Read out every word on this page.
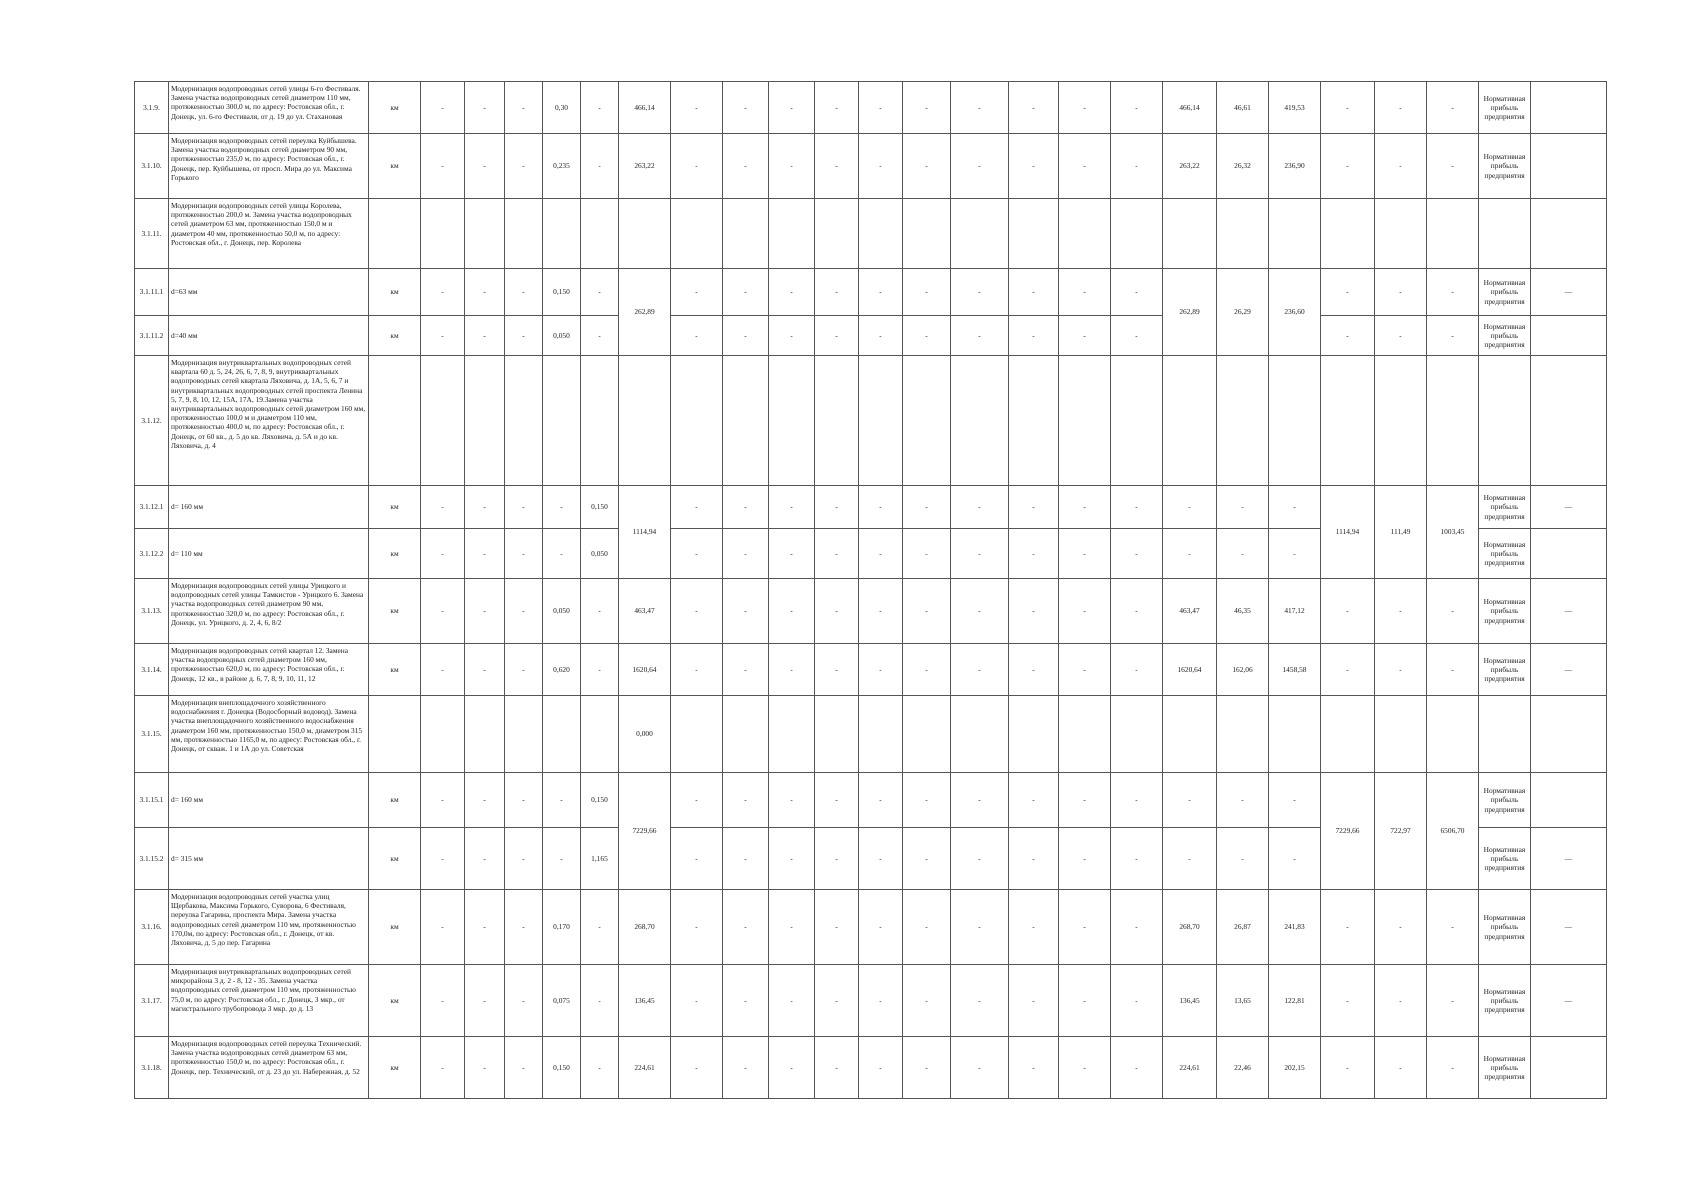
3.1.9.	Модернизация водопроводных сетей улицы 6-го Фестиваля. Замена участка водопроводных сетей диаметром 110 мм, протяженностью 300,0 м, по адресу: Ростовская обл., г. Донецк, ул. 6-го Фестиваля, от д. 19 до ул. Стахановая	км	-	-	-	0,30	-	466,14	-	-	-	-	-	-	-	-	-	-	466,14	46,61	419,53	-	-	-	Нормативная прибыль предприятия	
3.1.10.	Модернизация водопроводных сетей переулка Куйбышева. Замена участка водопроводных сетей диаметром 90 мм, протяженностью 235,0 м, по адресу: Ростовская обл., г. Донецк, пер. Куйбышева, от просп. Мира до ул. Максима Горького	км	-	-	-	0,235	-	263,22	-	-	-	-	-	-	-	-	-	-	263,22	26,32	236,90	-	-	-	Нормативная прибыль предприятия	
3.1.11.	Модернизация водопроводных сетей улицы Королева, протяженностью 200,0 м. Замена участка водопроводных сетей диаметром 63 мм, протяженностью 150,0 м и диаметром 40 мм, протяженностью 50,0 м, по адресу: Ростовская обл., г. Донецк, пер. Королева																									
3.1.11.1	d=63 мм	км	-	-	-	0,150	-	262,89	-	-	-	-	-	-	-	-	-	-	262,89	26,29	236,60	-	-	-	Нормативная прибыль предприятия	—
3.1.11.2	d=40 мм	км	-	-	-	0,050	-		-	-	-	-	-	-	-	-	-	-				-	-	-	Нормативная прибыль предприятия	
3.1.12.	Модернизация внутриквартальных водопроводных сетей квартала 60 д. 5, 24, 26, 6, 7, 8, 9, внутриквартальных водопроводных сетей квартала Ляховича, д. 1А, 5, 6, 7 и внутриквартальных водопроводных сетей проспекта Ленина 5, 7, 9, 8, 10, 12, 15А, 17А, 19.Замена участка внутриквартальных водопроводных сетей диаметром 160 мм, протяженностью 100,0 м и диаметром 110 мм, протяженностью 400,0 м, по адресу: Ростовская обл., г. Донецк, от 60 кв., д. 5 до кв. Ляховича, д. 5А и до кв. Ляховича, д. 4																									
3.1.12.1	d= 160 мм	км	-	-	-	-	0,150	1114,94	-	-	-	-	-	-	-	-	-	-	-	-	-	1114,94	111,49	1003,45	Нормативная прибыль предприятия	—
3.1.12.2	d= 110 мм	км	-	-	-	-	0,050		-	-	-	-	-	-	-	-	-	-	-	-	-				Нормативная прибыль предприятия	
3.1.13.	Модернизация водопроводных сетей улицы Урицкого и водопроводных сетей улицы Тамкистов - Урицкого 6. Замена участка водопроводных сетей диаметром 90 мм, протяженностью 320,0 м, по адресу: Ростовская обл., г. Донецк, ул. Урицкого, д. 2, 4, 6, 8/2	км	-	-	-	0,050	-	463,47	-	-	-	-	-	-	-	-	-	-	463,47	46,35	417,12	-	-	-	Нормативная прибыль предприятия	—
3.1.14.	Модернизация водопроводных сетей квартал 12. Замена участка водопроводных сетей диаметром 160 мм, протяженностью 620,0 м, по адресу: Ростовская обл., г. Донецк, 12 кв., в районе д. 6, 7, 8, 9, 10, 11, 12	км	-	-	-	0,620	-	1620,64	-	-	-	-	-	-	-	-	-	-	1620,64	162,06	1458,58	-	-	-	Нормативная прибыль предприятия	—
3.1.15.	Модернизация внеплощадочного хозяйственного водоснабжения г. Донецка (Водосборный водовод). Замена участка внеплощадочного хозяйственного водоснабжения диаметром 160 мм, протяженностью 150,0 м, диаметром 315 мм, протяженностью 1165,0 м, по адресу: Ростовская обл., г. Донецк, от скваж. 1 и 1А до ул. Советская							0,000																		
3.1.15.1	d= 160 мм	км	-	-	-	-	0,150	7229,66	-	-	-	-	-	-	-	-	-	-	-	-	-	7229,66	722,97	6506,70	Нормативная прибыль предприятия	
3.1.15.2	d= 315 мм	км	-	-	-	-	1,165		-	-	-	-	-	-	-	-	-	-	-	-	-				Нормативная прибыль предприятия	—
3.1.16.	Модернизация водопроводных сетей участка улиц Щербакова, Максима Горького, Суворова, 6 Фестиваля, переулка Гагарина, проспекта Мира. Замена участка водопроводных сетей диаметром 110 мм, протяженностью 170,0м, по адресу: Ростовская обл., г. Донецк, от кв. Ляховича, д. 5 до пер. Гагарина	км	-	-	-	0,170	-	268,70	-	-	-	-	-	-	-	-	-	-	268,70	26,87	241,83	-	-	-	Нормативная прибыль предприятия	—
3.1.17.	Модернизация внутриквартальных водопроводных сетей микрорайона 3 д. 2 - 8, 12 - 35. Замена участка водопроводных сетей диаметром 110 мм, протяженностью 75,0 м, по адресу: Ростовская обл., г. Донецк, 3 мкр., от магистрального трубопровода 3 мкр. до д. 13	км	-	-	-	0,075	-	136,45	-	-	-	-	-	-	-	-	-	-	136,45	13,65	122,81	-	-	-	Нормативная прибыль предприятия	—
3.1.18.	Модернизация водопроводных сетей переулка Технический. Замена участка водопроводных сетей диаметром 63 мм, протяженностью 150,0 м, по адресу: Ростовская обл., г. Донецк, пер. Технический, от д. 23 до ул. Набережная, д. 52	км	-	-	-	0,150	-	224,61	-	-	-	-	-	-	-	-	-	-	224,61	22,46	202,15	-	-	-	Нормативная прибыль предприятия	
